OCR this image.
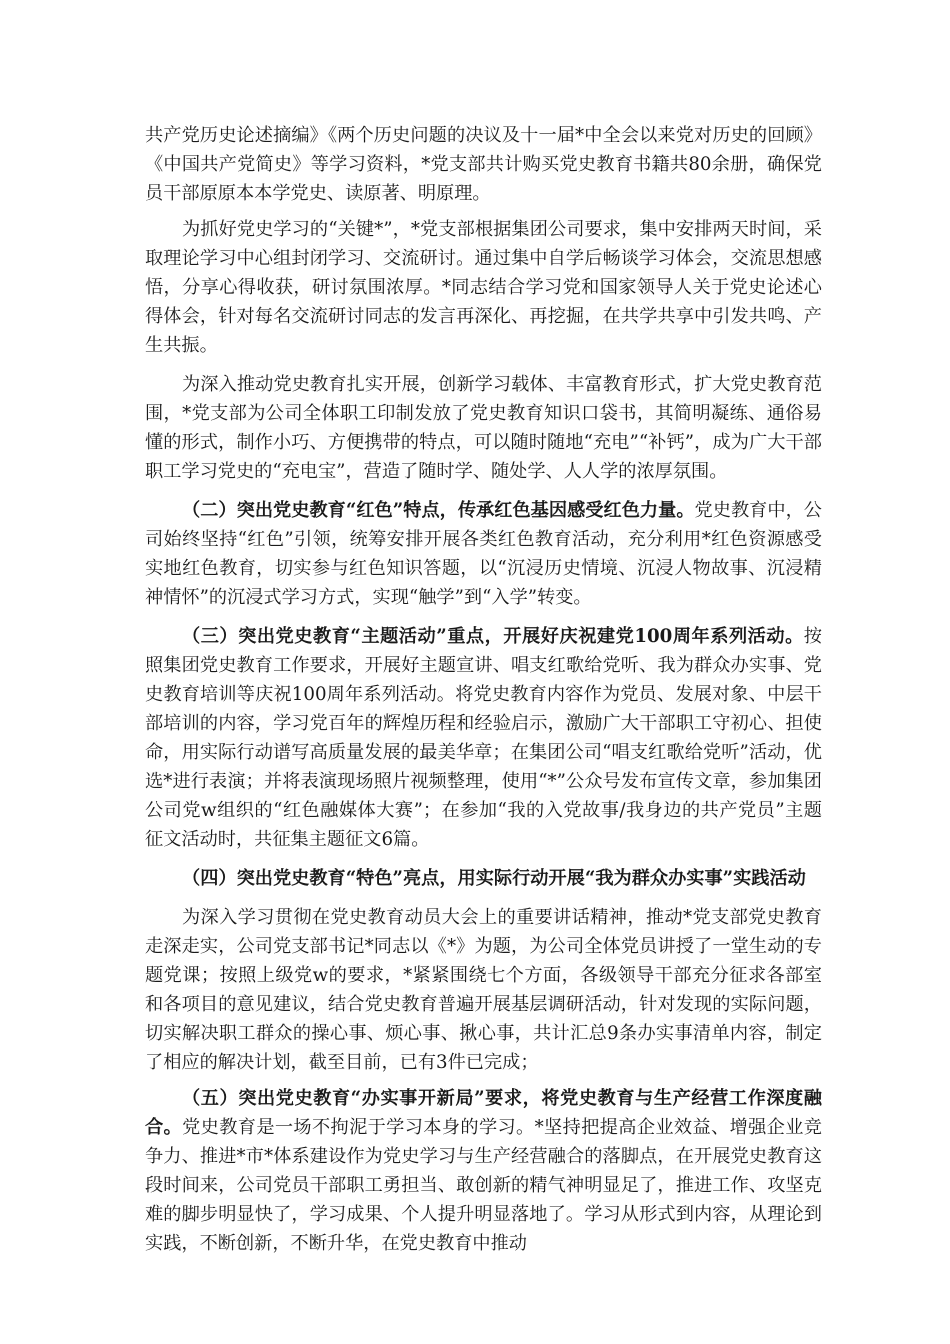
共产党历史论述摘编》《两个历史问题的决议及十一届*中全会以来党对历史的回顾》《中国共产党简史》等学习资料，*党支部共计购买党史教育书籍共80余册，确保党员干部原原本本学党史、读原著、明原理。

为抓好党史学习的“关键*”，*党支部根据集团公司要求，集中安排两天时间，采取理论学习中心组封闭学习、交流研讨。通过集中自学后畅谈学习体会，交流思想感悟，分享心得收获，研讨氛围浓厚。*同志结合学习党和国家领导人关于党史论述心得体会，针对每名交流研讨同志的发言再深化、再挖掘，在共学共享中引发共鸣、产生共振。

为深入推动党史教育扎实开展，创新学习载体、丰富教育形式，扩大党史教育范围，*党支部为公司全体职工印制发放了党史教育知识口袋书，其简明凝练、通俗易懂的形式，制作小巧、方便携带的特点，可以随时随地“充电”“补钙”，成为广大干部职工学习党史的“充电宝”，营造了随时学、随处学、人人学的浓厚氛围。

（二）突出党史教育“红色”特点，传承红色基因感受红色力量。党史教育中，公司始终坚持“红色”引领，统筹安排开展各类红色教育活动，充分利用*红色资源感受实地红色教育，切实参与红色知识答题，以“沉浸历史情境、沉浸人物故事、沉浸精神情怀”的沉浸式学习方式，实现“触学”到“入学”转变。

（三）突出党史教育“主题活动”重点，开展好庆祝建党100周年系列活动。按照集团党史教育工作要求，开展好主题宣讲、唱支红歌给党听、我为群众办实事、党史教育培训等庆祝100周年系列活动。将党史教育内容作为党员、发展对象、中层干部培训的内容，学习党百年的辉煌历程和经验启示，激励广大干部职工守初心、担使命，用实际行动谱写高质量发展的最美华章；在集团公司“唱支红歌给党听”活动，优选*进行表演；并将表演现场照片视频整理，使用“*”公众号发布宣传文章，参加集团公司党w组织的“红色融媒体大赛”；在参加“我的入党故事/我身边的共产党员”主题征文活动时，共征集主题征文6篇。

（四）突出党史教育“特色”亮点，用实际行动开展“我为群众办实事”实践活动

为深入学习贯彻在党史教育动员大会上的重要讲话精神，推动*党支部党史教育走深走实，公司党支部书记*同志以《*》为题，为公司全体党员讲授了一堂生动的专题党课；按照上级党w的要求，*紧紧围绕七个方面，各级领导干部充分征求各部室和各项目的意见建议，结合党史教育普遍开展基层调研活动，针对发现的实际问题，切实解决职工群众的操心事、烦心事、揪心事，共计汇总9条办实事清单内容，制定了相应的解决计划，截至目前，已有3件已完成；

（五）突出党史教育“办实事开新局”要求，将党史教育与生产经营工作深度融合。党史教育是一场不拘泥于学习本身的学习。*坚持把提高企业效益、增强企业竞争力、推进*市*体系建设作为党史学习与生产经营融合的落脚点，在开展党史教育这段时间来，公司党员干部职工勇担当、敢创新的精气神明显足了，推进工作、攻坚克难的脚步明显快了，学习成果、个人提升明显落地了。学习从形式到内容，从理论到实践，不断创新，不断升华，在党史教育中推动
